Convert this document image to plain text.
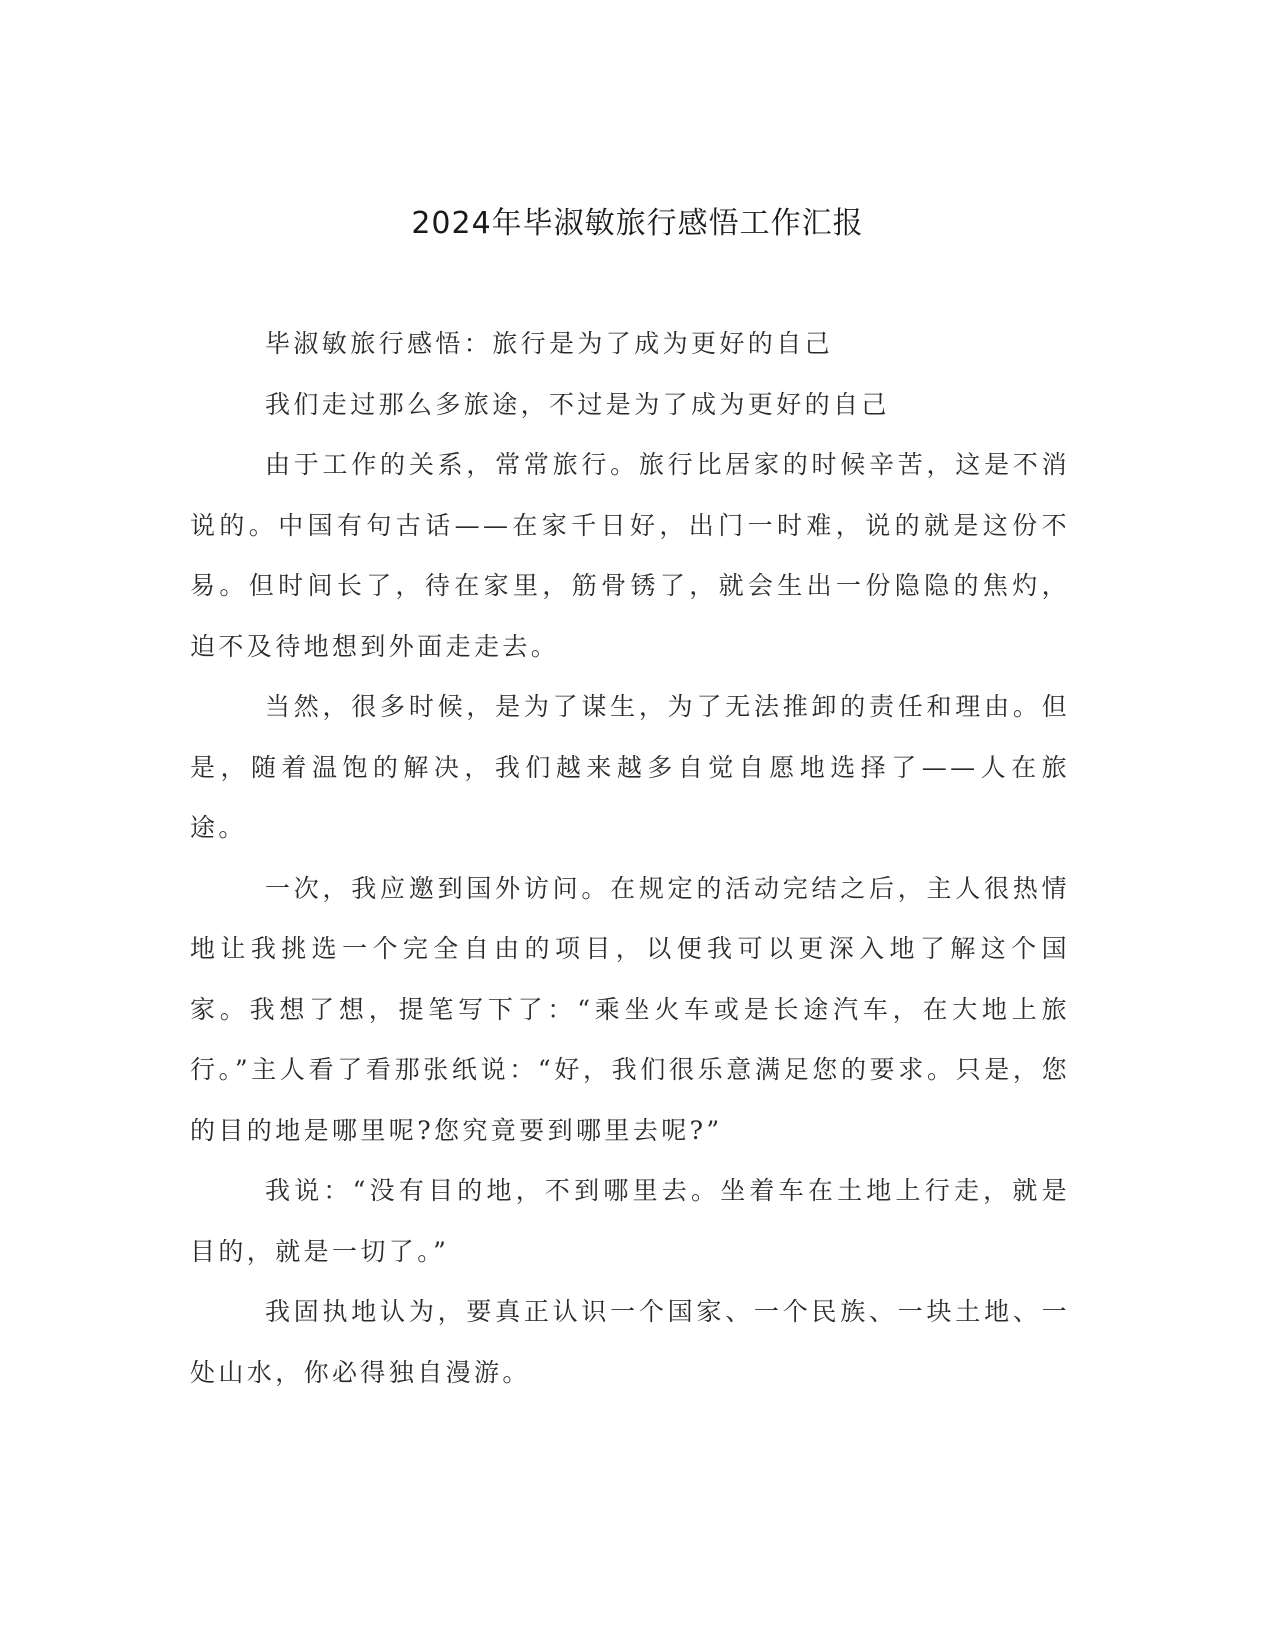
2024年毕淑敏旅行感悟工作汇报

毕淑敏旅行感悟：旅行是为了成为更好的自己

我们走过那么多旅途，不过是为了成为更好的自己

由于工作的关系，常常旅行。旅行比居家的时候辛苦，这是不消说的。中国有句古话——在家千日好，出门一时难，说的就是这份不易。但时间长了，待在家里，筋骨锈了，就会生出一份隐隐的焦灼，迫不及待地想到外面走走去。

当然，很多时候，是为了谋生，为了无法推卸的责任和理由。但是，随着温饱的解决，我们越来越多自觉自愿地选择了——人在旅途。

一次，我应邀到国外访问。在规定的活动完结之后，主人很热情地让我挑选一个完全自由的项目，以便我可以更深入地了解这个国家。我想了想，提笔写下了：“乘坐火车或是长途汽车，在大地上旅行。”主人看了看那张纸说：“好，我们很乐意满足您的要求。只是，您的目的地是哪里呢?您究竟要到哪里去呢?”

我说：“没有目的地，不到哪里去。坐着车在土地上行走，就是目的，就是一切了。”

我固执地认为，要真正认识一个国家、一个民族、一块土地、一处山水，你必得独自漫游。
